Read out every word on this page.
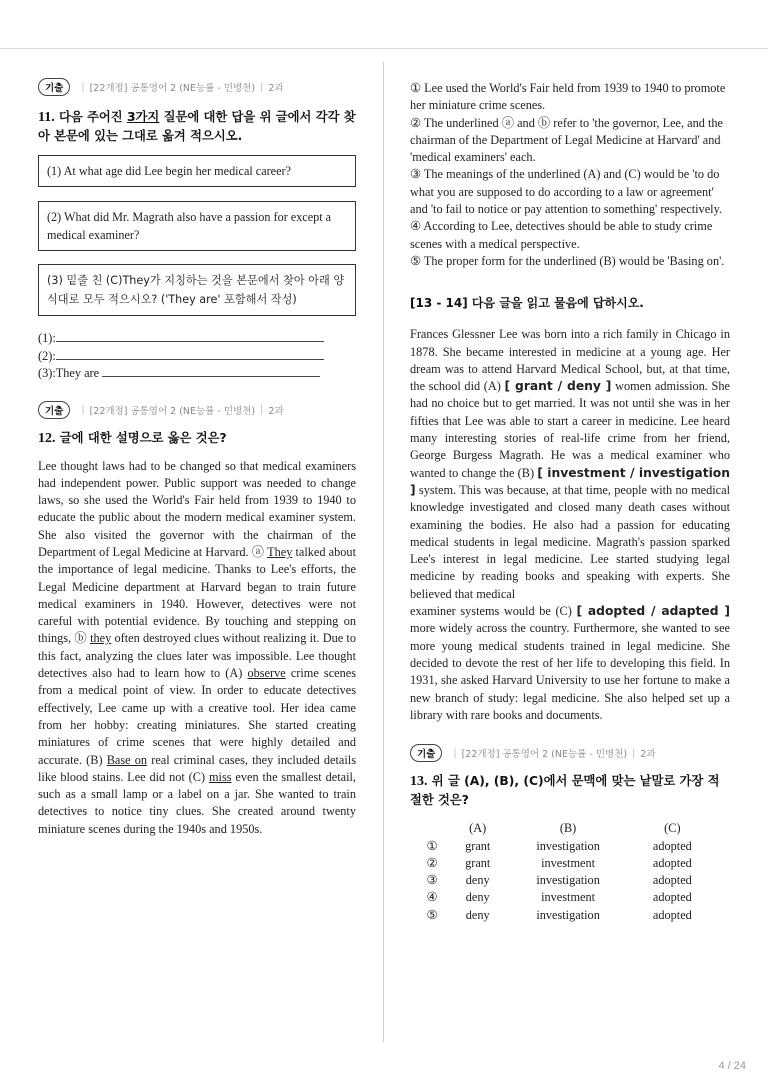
기출	| [22개정] 공통영어 2 (NE능률 - 민병천) | 2과
11. 다음 주어진 3가지 질문에 대한 답을 위 글에서 각각 찾아 본문에 있는 그대로 옮겨 적으시오.
(1) At what age did Lee begin her medical career?
(2) What did Mr. Magrath also have a passion for except a medical examiner?
(3) 밑줄 친 (C)They가 지칭하는 것을 본문에서 찾아 아래 양식대로 모두 적으시오? ('They are' 포함해서 작성)
(1):
(2):
(3):They are
기출	| [22개정] 공통영어 2 (NE능률 - 민병천) | 2과
12. 글에 대한 설명으로 옳은 것은?
Lee thought laws had to be changed so that medical examiners had independent power. Public support was needed to change laws, so she used the World's Fair held from 1939 to 1940 to educate the public about the modern medical examiner system. She also visited the governor with the chairman of the Department of Legal Medicine at Harvard. ⓐ They talked about the importance of legal medicine. Thanks to Lee's efforts, the Legal Medicine department at Harvard began to train future medical examiners in 1940. However, detectives were not careful with potential evidence. By touching and stepping on things, ⓑ they often destroyed clues without realizing it. Due to this fact, analyzing the clues later was impossible. Lee thought detectives also had to learn how to (A) observe crime scenes from a medical point of view. In order to educate detectives effectively, Lee came up with a creative tool. Her idea came from her hobby: creating miniatures. She started creating miniatures of crime scenes that were highly detailed and accurate. (B) Base on real criminal cases, they included details like blood stains. Lee did not (C) miss even the smallest detail, such as a small lamp or a label on a jar. She wanted to train detectives to notice tiny clues. She created around twenty miniature scenes during the 1940s and 1950s.
① Lee used the World's Fair held from 1939 to 1940 to promote her miniature crime scenes.
② The underlined ⓐ and ⓑ refer to 'the governor, Lee, and the chairman of the Department of Legal Medicine at Harvard' and 'medical examiners' each.
③ The meanings of the underlined (A) and (C) would be 'to do what you are supposed to do according to a law or agreement' and 'to fail to notice or pay attention to something' respectively.
④ According to Lee, detectives should be able to study crime scenes with a medical perspective.
⑤ The proper form for the underlined (B) would be 'Basing on'.
[13 - 14] 다음 글을 읽고 물음에 답하시오.
Frances Glessner Lee was born into a rich family in Chicago in 1878. She became interested in medicine at a young age. Her dream was to attend Harvard Medical School, but, at that time, the school did (A) [ grant / deny ] women admission. She had no choice but to get married. It was not until she was in her fifties that Lee was able to start a career in medicine. Lee heard many interesting stories of real-life crime from her friend, George Burgess Magrath. He was a medical examiner who wanted to change the (B) [ investment / investigation ] system. This was because, at that time, people with no medical knowledge investigated and closed many death cases without examining the bodies. He also had a passion for educating medical students in legal medicine. Magrath's passion sparked Lee's interest in legal medicine. Lee started studying legal medicine by reading books and speaking with experts. She believed that medical
examiner systems would be (C) [ adopted / adapted ] more widely across the country. Furthermore, she wanted to see more young medical students trained in legal medicine. She decided to devote the rest of her life to developing this field. In 1931, she asked Harvard University to use her fortune to make a new branch of study: legal medicine. She also helped set up a library with rare books and documents.
기출	| [22개정] 공통영어 2 (NE능률 - 민병천) | 2과
13. 위 글 (A), (B), (C)에서 문맥에 맞는 낱말로 가장 적절한 것은?
	(A)	(B)	(C)
①	grant	investigation	adopted
②	grant	investment	adopted
③	deny	investigation	adopted
④	deny	investment	adopted
⑤	deny	investigation	adopted
4 / 24
